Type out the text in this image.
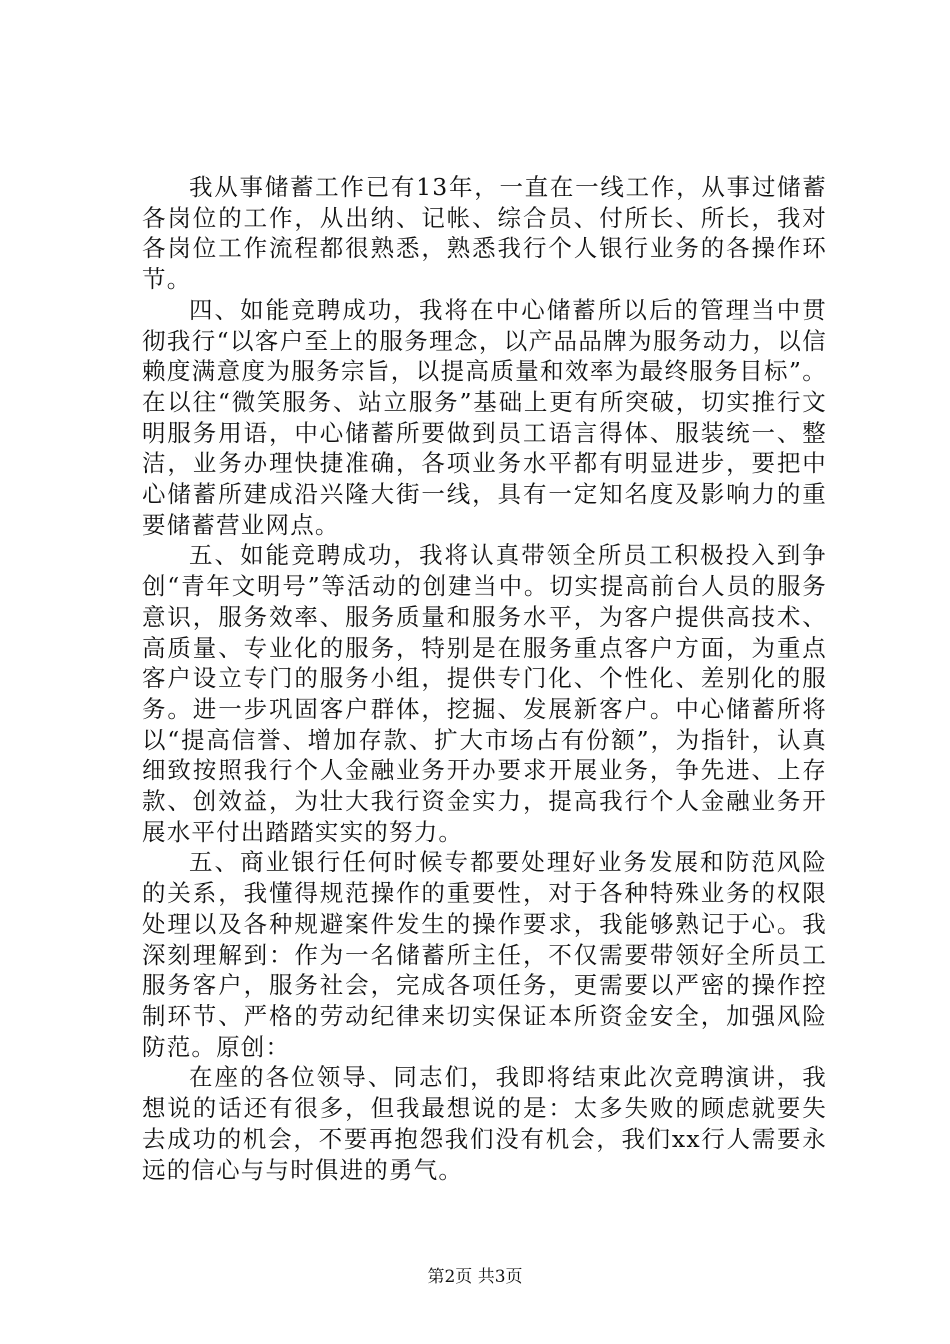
我从事储蓄工作已有13年，一直在一线工作，从事过储蓄各岗位的工作，从出纳、记帐、综合员、付所长、所长，我对各岗位工作流程都很熟悉，熟悉我行个人银行业务的各操作环节。

四、如能竞聘成功，我将在中心储蓄所以后的管理当中贯彻我行“以客户至上的服务理念，以产品品牌为服务动力，以信赖度满意度为服务宗旨，以提高质量和效率为最终服务目标”。在以往“微笑服务、站立服务”基础上更有所突破，切实推行文明服务用语，中心储蓄所要做到员工语言得体、服装统一、整洁，业务办理快捷准确，各项业务水平都有明显进步，要把中心储蓄所建成沿兴隆大街一线，具有一定知名度及影响力的重要储蓄营业网点。

五、如能竞聘成功，我将认真带领全所员工积极投入到争创“青年文明号”等活动的创建当中。切实提高前台人员的服务意识，服务效率、服务质量和服务水平，为客户提供高技术、高质量、专业化的服务，特别是在服务重点客户方面，为重点客户设立专门的服务小组，提供专门化、个性化、差别化的服务。进一步巩固客户群体，挖掘、发展新客户。中心储蓄所将以“提高信誉、增加存款、扩大市场占有份额”，为指针，认真细致按照我行个人金融业务开办要求开展业务，争先进、上存款、创效益，为壮大我行资金实力，提高我行个人金融业务开展水平付出踏踏实实的努力。

五、商业银行任何时候专都要处理好业务发展和防范风险的关系，我懂得规范操作的重要性，对于各种特殊业务的权限处理以及各种规避案件发生的操作要求，我能够熟记于心。我深刻理解到：作为一名储蓄所主任，不仅需要带领好全所员工服务客户，服务社会，完成各项任务，更需要以严密的操作控制环节、严格的劳动纪律来切实保证本所资金安全，加强风险防范。原创：

在座的各位领导、同志们，我即将结束此次竞聘演讲，我想说的话还有很多，但我最想说的是：太多失败的顾虑就要失去成功的机会，不要再抱怨我们没有机会，我们xx行人需要永远的信心与与时俱进的勇气。

第2页 共3页
